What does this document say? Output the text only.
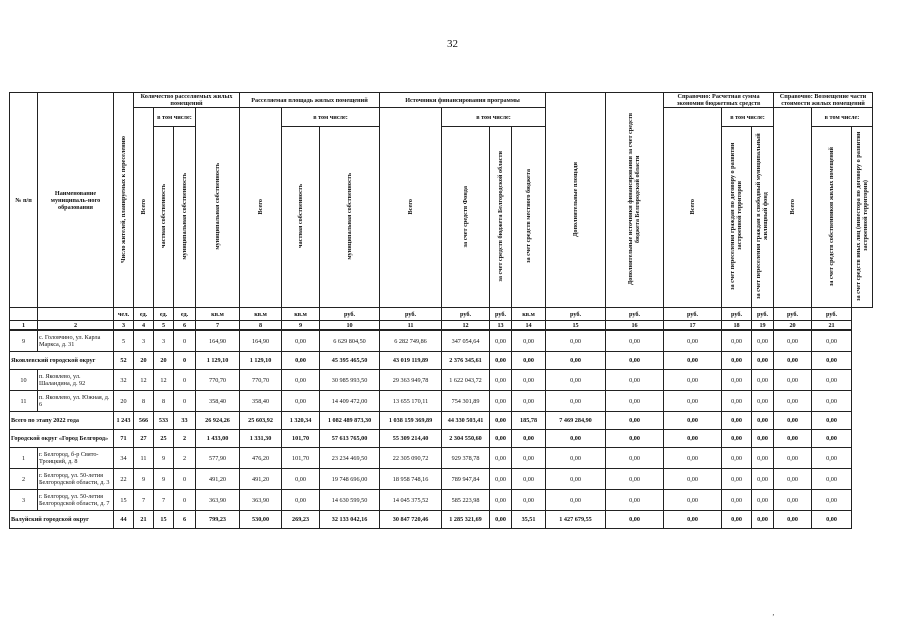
32
№ п/п	Наименование муниципаль-ного образования	Число жителей, планируемых к переселению	Количество расселяемых жилых помещений				Расселяемая площадь жилых помещений			Источники финансирования программы				Дополнительные площади	Дополнительные источники финансирования за счет средств бюджета Белгородской области	Справочно: Расчетная сумма экономии бюджетных средств			Справочно: Возмещение части стоимости жилых помещений		
			Всего	в том числе:		муниципальная собственность	Всего	в том числе:		Всего	в том числе:					Всего	в том числе:		Всего	в том числе:	
				частная собственность	муниципальная собственность			частная собственность	муниципальная собственность		за счет средств Фонда	за счет средств бюджета Белгородской области	за счет средств местного бюджета				за счет переселения граждан по договору о развитии застроенной территории	за счет переселения граждан в свободный муниципальный жилищный фонд		за счет средств собственников жилых помещений	за счет средств иных лиц (инвестора по договору о развитии застроенной территории)
		чел.	ед.	ед.	ед.	кв.м	кв.м	кв.м	руб.	руб.	руб.	руб.	кв.м	руб.	руб.	руб.	руб.	руб.	руб.	руб.	
1	2	3	4	5	6	7	8	9	10	11	12	13	14	15	16	17	18	19	20	21	
9	с. Головчино, ул. Карла Маркса, д. 31	5	3	3	0	164,90	164,90	0,00	6 629 804,50	6 282 749,86	347 054,64	0,00	0,00	0,00	0,00	0,00	0,00	0,00	0,00	0,00	
Яковлевский городской округ		52	20	20	0	1 129,10	1 129,10	0,00	45 395 465,50	43 019 119,89	2 376 345,61	0,00	0,00	0,00	0,00	0,00	0,00	0,00	0,00	0,00	
10	п. Яковлево, ул. Шаландина, д. 92	32	12	12	0	770,70	770,70	0,00	30 985 993,50	29 363 949,78	1 622 043,72	0,00	0,00	0,00	0,00	0,00	0,00	0,00	0,00	0,00	
11	п. Яковлево, ул. Южная, д. 6	20	8	8	0	358,40	358,40	0,00	14 409 472,00	13 655 170,11	754 301,89	0,00	0,00	0,00	0,00	0,00	0,00	0,00	0,00	0,00	
Всего по этапу 2022 года		1 243	566	533	33	26 924,26	25 603,92	1 320,34	1 082 489 873,30	1 038 159 369,89	44 330 503,41	0,00	185,78	7 469 284,90	0,00	0,00	0,00	0,00	0,00	0,00	
Городской округ «Город Белгород»		71	27	25	2	1 433,00	1 331,30	101,70	57 613 765,00	55 309 214,40	2 304 550,60	0,00	0,00	0,00	0,00	0,00	0,00	0,00	0,00	0,00	
1	г. Белгород, б-р Свято-Троицкий, д. 8	34	11	9	2	577,90	476,20	101,70	23 234 469,50	22 305 090,72	929 378,78	0,00	0,00	0,00	0,00	0,00	0,00	0,00	0,00	0,00	
2	г. Белгород, ул. 50-летия Белгородской области, д. 3	22	9	9	0	491,20	491,20	0,00	19 748 696,00	18 958 748,16	789 947,84	0,00	0,00	0,00	0,00	0,00	0,00	0,00	0,00	0,00	
3	г. Белгород, ул. 50-летия Белгородской области, д. 7	15	7	7	0	363,90	363,90	0,00	14 630 599,50	14 045 375,52	585 223,98	0,00	0,00	0,00	0,00	0,00	0,00	0,00	0,00	0,00	
Валуйский городской округ		44	21	15	6	799,23	530,00	269,23	32 133 042,16	30 847 720,46	1 285 321,69	0,00	35,51	1 427 679,55	0,00	0,00	0,00	0,00	0,00	0,00	
‚
